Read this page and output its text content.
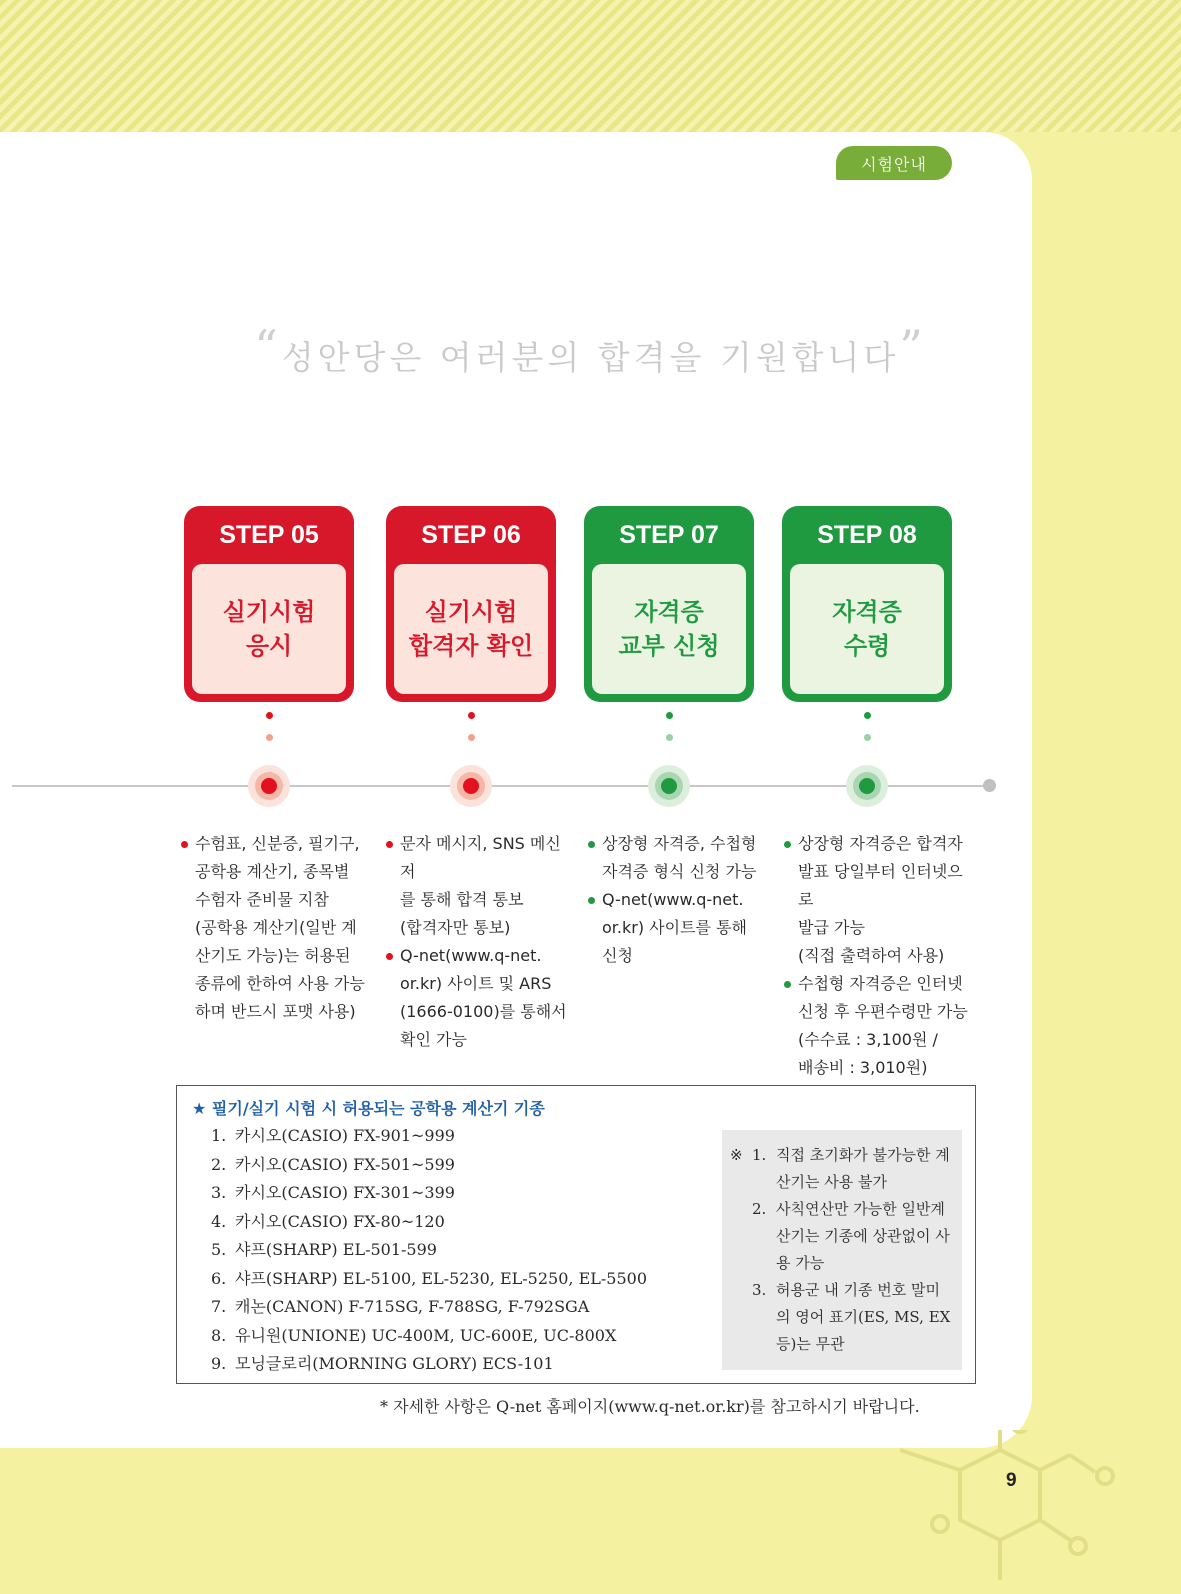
시험안내
“성안당은 여러분의 합격을 기원합니다”
STEP 05
실기시험
응시
STEP 06
실기시험
합격자 확인
STEP 07
자격증
교부 신청
STEP 08
자격증
수령
수험표, 신분증, 필기구,
공학용 계산기, 종목별
수험자 준비물 지참
(공학용 계산기(일반 계
산기도 가능)는 허용된
종류에 한하여 사용 가능
하며 반드시 포맷 사용)
문자 메시지, SNS 메신저
를 통해 합격 통보
(합격자만 통보)
Q-net(www.q-net.
or.kr) 사이트 및 ARS
(1666-0100)를 통해서
확인 가능
상장형 자격증, 수첩형
자격증 형식 신청 가능
Q-net(www.q-net.
or.kr) 사이트를 통해
신청
상장형 자격증은 합격자
발표 당일부터 인터넷으로
발급 가능
(직접 출력하여 사용)
수첩형 자격증은 인터넷
신청 후 우편수령만 가능
(수수료 : 3,100원 /
배송비 : 3,010원)
★ 필기/실기 시험 시 허용되는 공학용 계산기 기종
1. 카시오(CASIO) FX-901~999
2. 카시오(CASIO) FX-501~599
3. 카시오(CASIO) FX-301~399
4. 카시오(CASIO) FX-80~120
5. 샤프(SHARP) EL-501-599
6. 샤프(SHARP) EL-5100, EL-5230, EL-5250, EL-5500
7. 캐논(CANON) F-715SG, F-788SG, F-792SGA
8. 유니원(UNIONE) UC-400M, UC-600E, UC-800X
9. 모닝글로리(MORNING GLORY) ECS-101
※ 1. 직접 초기화가 불가능한 계산기는 사용 불가
2. 사칙연산만 가능한 일반계산기는 기종에 상관없이 사용 가능
3. 허용군 내 기종 번호 말미의 영어 표기(ES, MS, EX 등)는 무관
* 자세한 사항은 Q-net 홈페이지(www.q-net.or.kr)를 참고하시기 바랍니다.
9
